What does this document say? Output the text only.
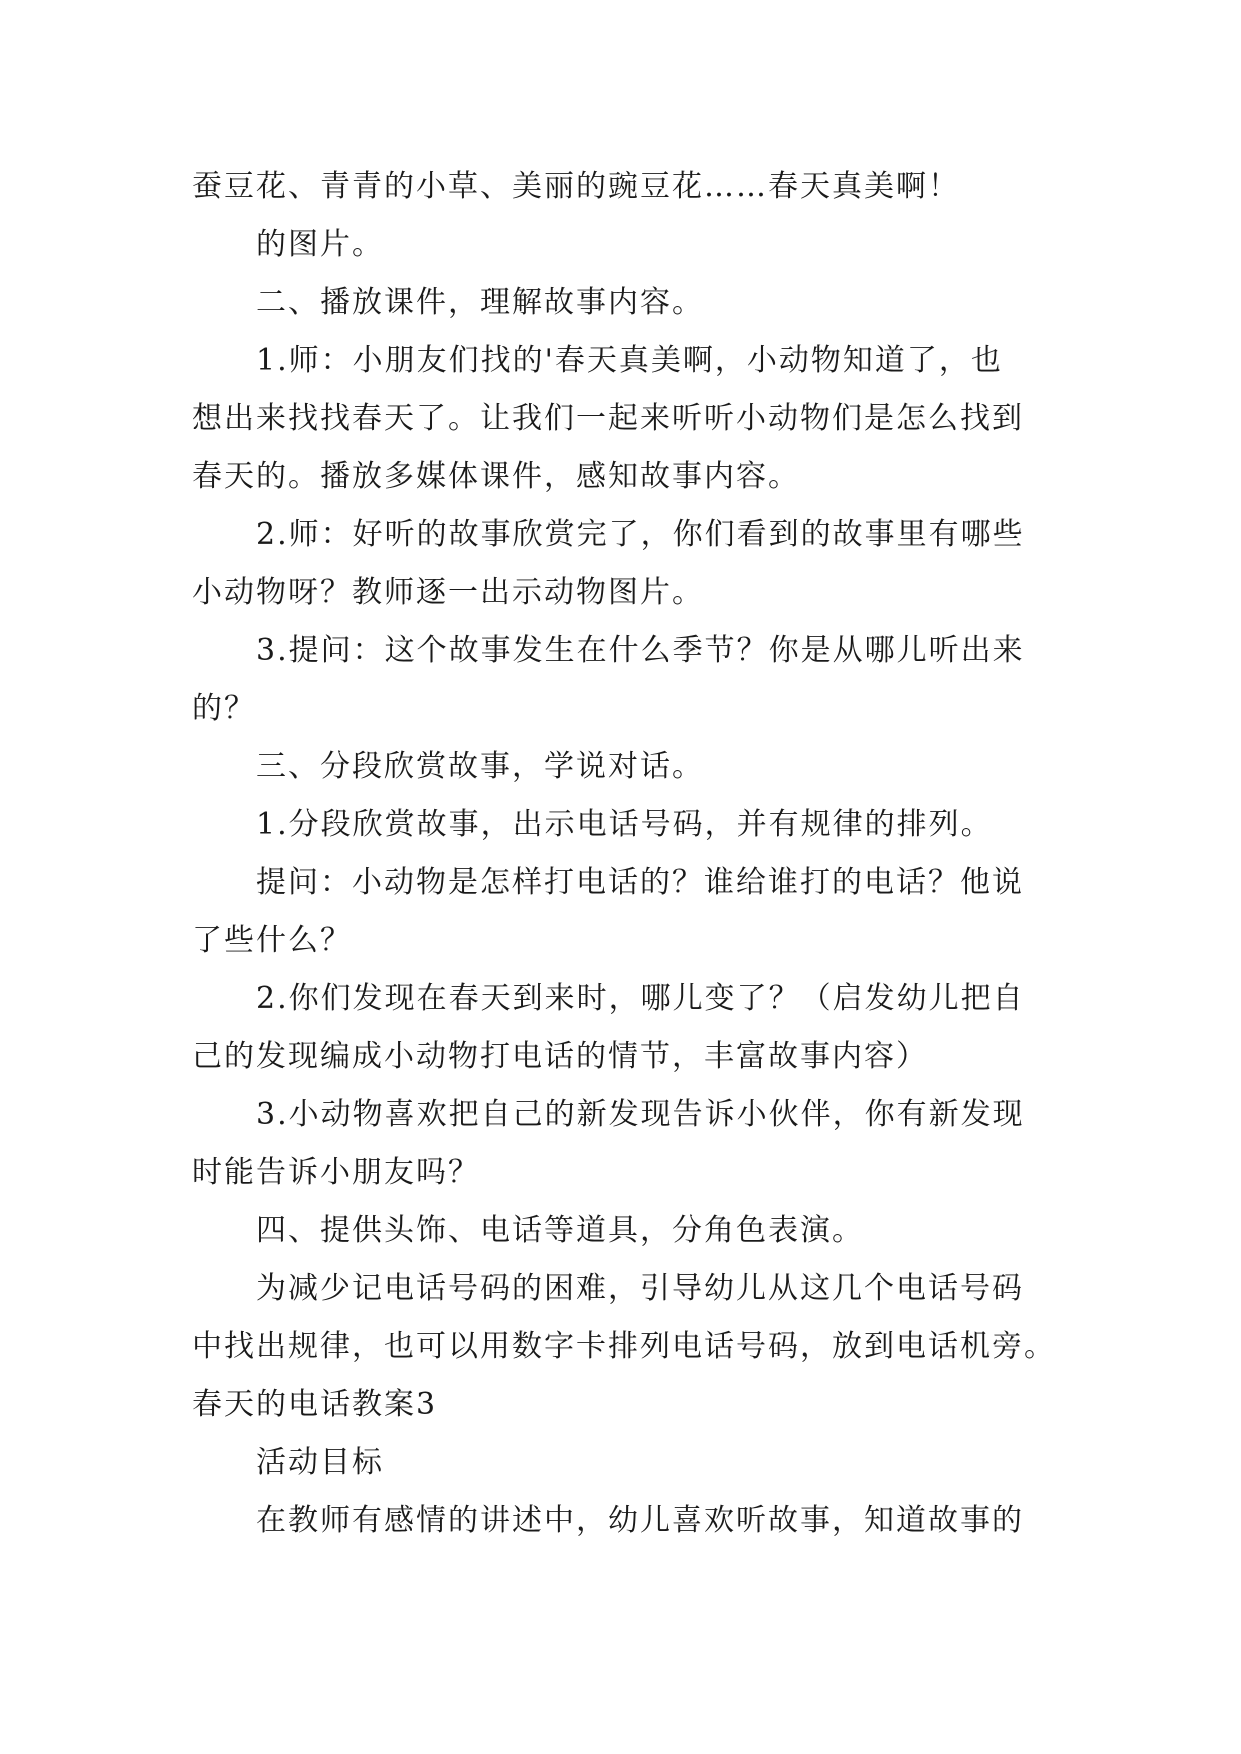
蚕豆花、青青的小草、美丽的豌豆花……春天真美啊！

的图片。

二、播放课件，理解故事内容。

1.师：小朋友们找的'春天真美啊，小动物知道了，也

想出来找找春天了。让我们一起来听听小动物们是怎么找到

春天的。播放多媒体课件，感知故事内容。

2.师：好听的故事欣赏完了，你们看到的故事里有哪些

小动物呀？教师逐一出示动物图片。

3.提问：这个故事发生在什么季节？你是从哪儿听出来

的？

三、分段欣赏故事，学说对话。

1.分段欣赏故事，出示电话号码，并有规律的排列。

提问：小动物是怎样打电话的？谁给谁打的电话？他说

了些什么？

2.你们发现在春天到来时，哪儿变了？（启发幼儿把自

己的发现编成小动物打电话的情节，丰富故事内容）

3.小动物喜欢把自己的新发现告诉小伙伴，你有新发现

时能告诉小朋友吗？

四、提供头饰、电话等道具，分角色表演。

为减少记电话号码的困难，引导幼儿从这几个电话号码

中找出规律，也可以用数字卡排列电话号码，放到电话机旁。

春天的电话教案3

活动目标

在教师有感情的讲述中，幼儿喜欢听故事，知道故事的
